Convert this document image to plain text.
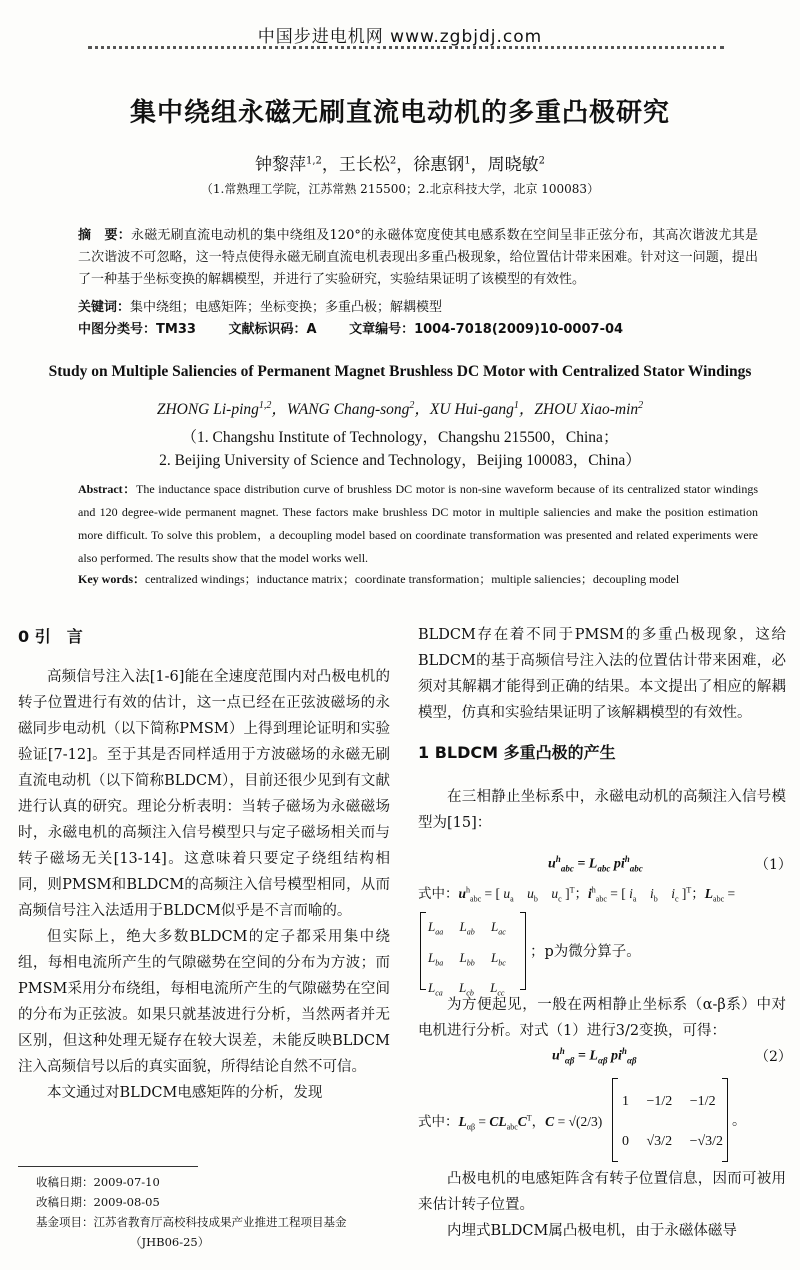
中国步进电机网 www.zgbjdj.com
集中绕组永磁无刷直流电动机的多重凸极研究
钟黎萍$^{1,2}$，王长松$^2$，徐惠钢$^1$，周晓敏$^2$
（1.常熟理工学院，江苏常熟 215500；2.北京科技大学，北京 100083）
摘　要：永磁无刷直流电动机的集中绕组及120°的永磁体宽度使其电感系数在空间呈非正弦分布，其高次谐波尤其是二次谐波不可忽略，这一特点使得永磁无刷直流电机表现出多重凸极现象，给位置估计带来困难。针对这一问题，提出了一种基于坐标变换的解耦模型，并进行了实验研究，实验结果证明了该模型的有效性。
关键词：集中绕组；电感矩阵；坐标变换；多重凸极；解耦模型
中图分类号：TM33	文献标识码：A	文章编号：1004-7018(2009)10-0007-04
Study on Multiple Saliencies of Permanent Magnet Brushless DC Motor with Centralized Stator Windings
ZHONG Li-ping$^{1,2}$，WANG Chang-song$^2$，XU Hui-gang$^1$，ZHOU Xiao-$\min^2$
（1. Changshu Institute of Technology，Changshu 215500，China；
2. Beijing University of Science and Technology，Beijing 100083，China）
Abstract：The inductance space distribution curve of brushless DC motor is non-sine waveform because of its centralized stator windings and 120 degree-wide permanent magnet. These factors make brushless DC motor in multiple saliencies and make the position estimation more difficult. To solve this problem，a decoupling model based on coordinate transformation was presented and related experiments were also performed. The results show that the model works well.
Key words：centralized windings；inductance matrix；coordinate transformation；multiple saliencies；decoupling model
0 引　言
高频信号注入法[1-6]能在全速度范围内对凸极电机的转子位置进行有效的估计，这一点已经在正弦波磁场的永磁同步电动机（以下简称PMSM）上得到理论证明和实验验证[7-12]。至于其是否同样适用于方波磁场的永磁无刷直流电动机（以下简称BLDCM），目前还很少见到有文献进行认真的研究。理论分析表明：当转子磁场为永磁磁场时，永磁电机的高频注入信号模型只与定子磁场相关而与转子磁场无关[13-14]。这意味着只要定子绕组结构相同，则PMSM和BLDCM的高频注入信号模型相同，从而高频信号注入法适用于BLDCM似乎是不言而喻的。
但实际上，绝大多数BLDCM的定子都采用集中绕组，每相电流所产生的气隙磁势在空间的分布为方波；而PMSM采用分布绕组，每相电流所产生的气隙磁势在空间的分布为正弦波。如果只就基波进行分析，当然两者并无区别，但这种处理无疑存在较大误差，未能反映BLDCM注入高频信号以后的真实面貌，所得结论自然不可信。
本文通过对BLDCM电感矩阵的分析，发现
收稿日期：2009-07-10
改稿日期：2009-08-05
基金项目：江苏省教育厅高校科技成果产业推进工程项目基金
（JHB06-25）
BLDCM存在着不同于PMSM的多重凸极现象，这给BLDCM的基于高频信号注入法的位置估计带来困难，必须对其解耦才能得到正确的结果。本文提出了相应的解耦模型，仿真和实验结果证明了该解耦模型的有效性。
1 BLDCM 多重凸极的产生
在三相静止坐标系中，永磁电动机的高频注入信号模型为[15]：
$u^h_{abc} = L_{abc}$ $pi^h_{abc}$	（1）
式中：$u^h_{abc}$ = [ $u_a$　 $u_b$　 $u_c$ ]$^T$；$i^h_{abc}$ = [ $i_a$　 $i_b$　 $i_c$ ]$^T$；$L_{abc}$ =
$L_{aa}$　 $L_{ab}$　 $L_{ac}$
$L_{ba}$　 $L_{bb}$　 $L_{bc}$
$L_{ca}$　 $L_{cb}$　 $L_{cc}$
；p为微分算子。
为方便起见，一般在两相静止坐标系（α-β系）中对电机进行分析。对式（1）进行3/2变换，可得：
$u^h_{\alpha\beta} = L_{\alpha\beta}$ $pi^h_{\alpha\beta}$	（2）
式中：$L_{\alpha\beta} = CL_{abc}C^T$，C = √(2/3)
1　 −1/2　 −1/2
0　 √3/2　 −√3/2
。
凸极电机的电感矩阵含有转子位置信息，因而可被用来估计转子位置。
内埋式BLDCM属凸极电机，由于永磁体磁导
